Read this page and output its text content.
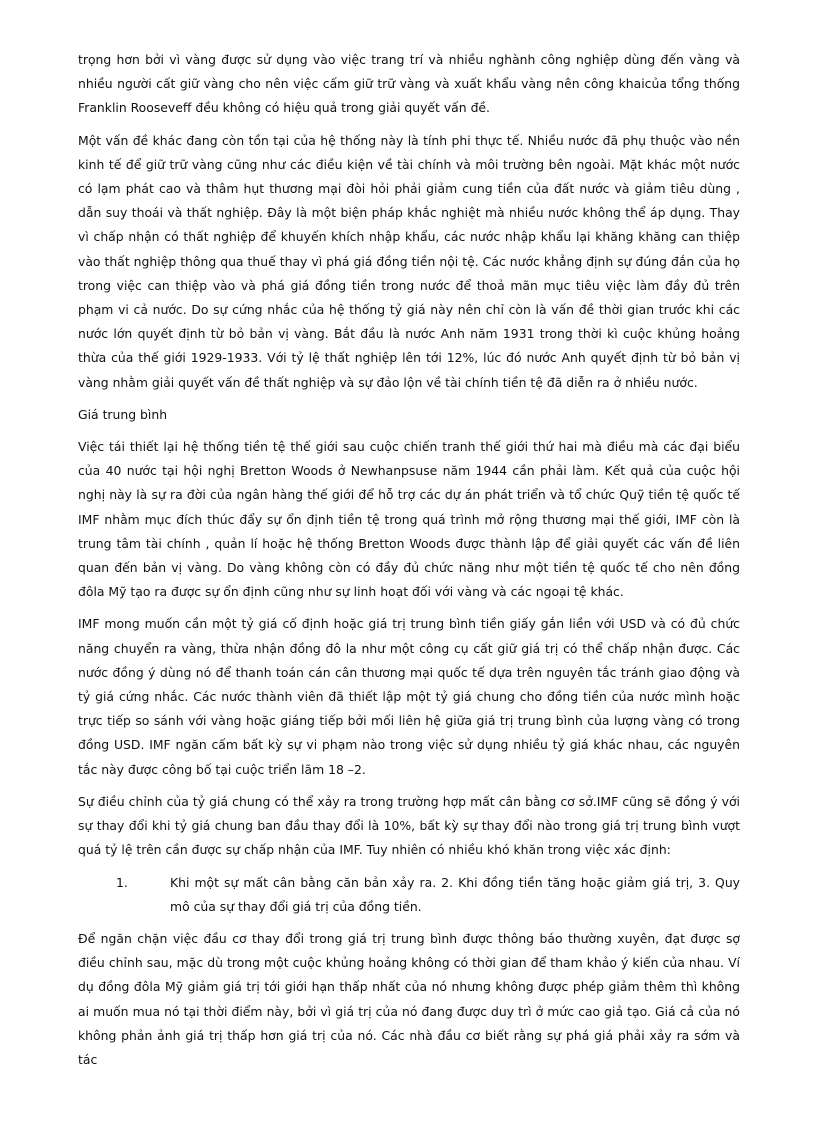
trọng hơn bởi vì vàng được sử dụng vào việc trang trí và nhiều nghành công nghiệp dùng đến vàng và nhiều người cất giữ vàng cho nên việc cấm giữ trữ vàng và xuất khẩu vàng nên công khaicủa tổng thống Franklin Rooseveff đều không có hiệu quả trong giải quyết vấn đề.

Một vấn đề khác đang còn tồn tại của hệ thống này là tính phi thực tế. Nhiều nước đã phụ thuộc vào nền kinh tế để giữ trữ vàng cũng như các điều kiện về tài chính và môi trường bên ngoài. Mặt khác một nước có lạm phát cao và thâm hụt thương mại đòi hỏi phải giảm cung tiền của đất nước và giảm tiêu dùng , dẫn suy thoái và thất nghiệp. Đây là một biện pháp khắc nghiệt mà nhiều nước không thể áp dụng. Thay vì chấp nhận có thất nghiệp để khuyến khích nhập khẩu, các nước nhập khẩu lại khăng khăng can thiệp vào thất nghiệp thông qua thuế thay vì phá giá đồng tiền nội tệ. Các nước khẳng định sự đúng đắn của họ trong việc can thiệp vào và phá giá đồng tiền trong nước để thoả mãn mục tiêu việc làm đầy đủ trên phạm vi cả nước. Do sự cứng nhắc của hệ thống tỷ giá này nên chỉ còn là vấn đề thời gian trước khi các nước lớn quyết định từ bỏ bản vị vàng. Bắt đầu là nước Anh năm 1931 trong thời kì cuộc khủng hoảng thừa của thế giới 1929-1933. Với tỷ lệ thất nghiệp lên tới 12%, lúc đó nước Anh quyết định từ bỏ bản vị vàng nhằm giải quyết vấn đề thất nghiệp và sự đảo lộn về tài chính tiền tệ đã diễn ra ở nhiều nước.

Giá trung bình

Việc tái thiết lại hệ thống tiền tệ thế giới sau cuộc chiến tranh thế giới thứ hai mà điều mà các đại biểu của 40 nước tại hội nghị Bretton Woods ở Newhanpsuse năm 1944 cần phải làm. Kết quả của cuộc hội nghị này là sự ra đời của ngân hàng thế giới để hỗ trợ các dự án phát triển và tổ chức Quỹ tiền tệ quốc tế IMF nhằm mục đích thúc đẩy sự ổn định tiền tệ trong quá trình mở rộng thương mại thế giới, IMF còn là trung tâm tài chính , quản lí hoặc hệ thống Bretton Woods được thành lập để giải quyết các vấn đề liên quan đến bản vị vàng. Do vàng không còn có đầy đủ chức năng như một tiền tệ quốc tế cho nên đồng đôla Mỹ tạo ra được sự ổn định cũng như sự linh hoạt đối với vàng và các ngoại tệ khác.

IMF mong muốn cần một tỷ giá cố định hoặc giá trị trung bình tiền giấy gắn liền với USD và có đủ chức năng chuyển ra vàng, thừa nhận đồng đô la như một công cụ cất giữ giá trị có thể chấp nhận được. Các nước đồng ý dùng nó để thanh toán cán cân thương mại quốc tế dựa trên nguyên tắc tránh giao động và tỷ giá cứng nhắc. Các nước thành viên đã thiết lập một tỷ giá chung cho đồng tiền của nước mình hoặc trực tiếp so sánh với vàng hoặc giáng tiếp bởi mối liên hệ giữa giá trị trung bình của lượng vàng có trong đồng USD. IMF ngăn cấm bất kỳ sự vi phạm nào trong việc sử dụng nhiều tỷ giá khác nhau, các nguyên tắc này được công bố tại cuộc triển lãm 18 –2.

Sự điều chỉnh của tỷ giá chung có thể xảy ra trong trường hợp mất cân bằng cơ sở.IMF cũng sẽ đồng ý với sự thay đổi khi tỷ giá chung ban đầu thay đổi là 10%, bất kỳ sự thay đổi nào trong giá trị trung bình vượt quá tỷ lệ trên cần được sự chấp nhận của IMF. Tuy nhiên có nhiều khó khăn trong việc xác định:

1.	Khi một sự mất cân bằng căn bản xảy ra. 2. Khi đồng tiền tăng hoặc giảm giá trị, 3. Quy mô của sự thay đổi giá trị của đồng tiền.

Để ngăn chặn việc đầu cơ thay đổi trong giá trị trung bình được thông báo thường xuyên, đạt được sợ điều chỉnh sau, mặc dù trong một cuộc khủng hoảng không có thời gian để tham khảo ý kiến của nhau. Ví dụ đồng đôla Mỹ giảm giá trị tới giới hạn thấp nhất của nó nhưng không được phép giảm thêm thì không ai muốn mua nó tại thời điểm này, bởi vì giá trị của nó đang được duy trì ở mức cao giả tạo. Giá cả của nó không phản ảnh giá trị thấp hơn giá trị của nó. Các nhà đầu cơ biết rằng sự phá giá phải xảy ra sớm và tác
